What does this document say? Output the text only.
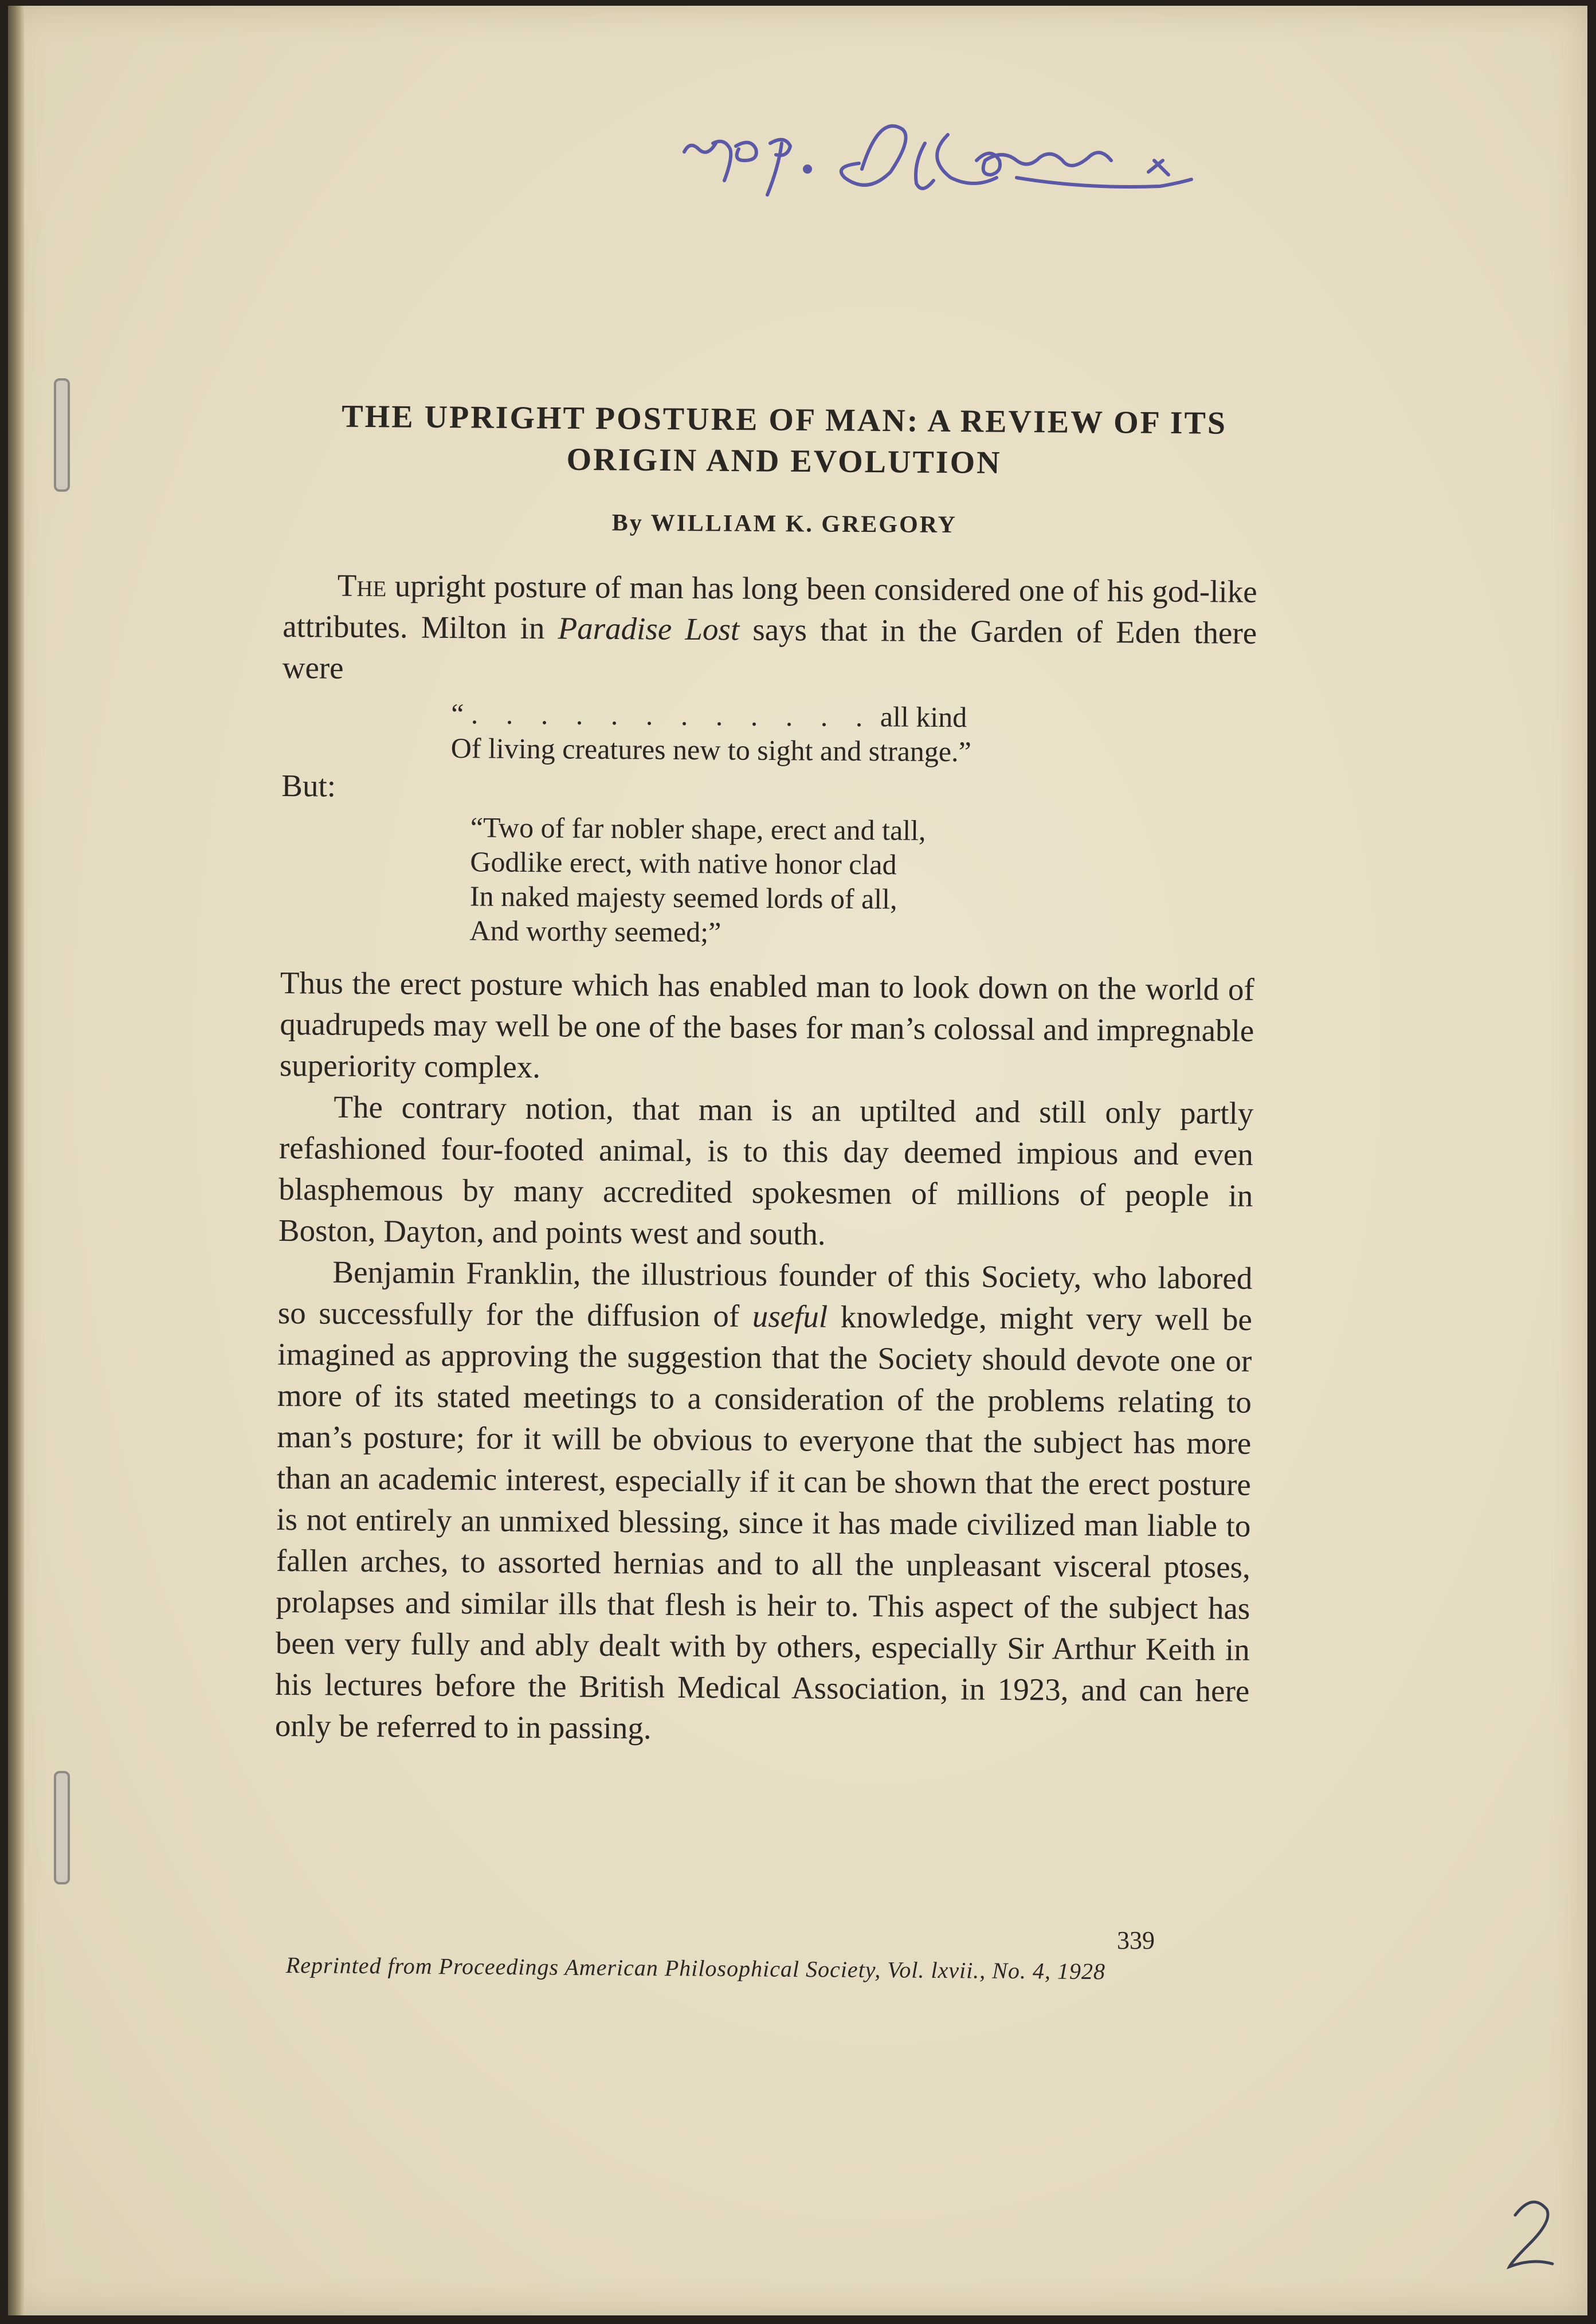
THE UPRIGHT POSTURE OF MAN: A REVIEW OF ITS
ORIGIN AND EVOLUTION

By WILLIAM K. GREGORY

The upright posture of man has long been considered one of his god-like attributes. Milton in Paradise Lost says that in the Garden of Eden there were

“ . . . . . . . . . . . . all kind
Of living creatures new to sight and strange.”
But:
“Two of far nobler shape, erect and tall,
Godlike erect, with native honor clad
In naked majesty seemed lords of all,
And worthy seemed;”

Thus the erect posture which has enabled man to look down on the world of quadrupeds may well be one of the bases for man’s colossal and impregnable superiority complex.

The contrary notion, that man is an uptilted and still only partly refashioned four-footed animal, is to this day deemed impious and even blasphemous by many accredited spokesmen of millions of people in Boston, Dayton, and points west and south.

Benjamin Franklin, the illustrious founder of this Society, who labored so successfully for the diffusion of useful knowledge, might very well be imagined as approving the suggestion that the Society should devote one or more of its stated meetings to a consideration of the problems relating to man’s posture; for it will be obvious to everyone that the subject has more than an academic interest, especially if it can be shown that the erect posture is not entirely an unmixed blessing, since it has made civilized man liable to fallen arches, to assorted hernias and to all the unpleasant visceral ptoses, prolapses and similar ills that flesh is heir to. This aspect of the subject has been very fully and ably dealt with by others, especially Sir Arthur Keith in his lectures before the British Medical Association, in 1923, and can here only be referred to in passing.

339

Reprinted from Proceedings American Philosophical Society, Vol. lxvii., No. 4, 1928
